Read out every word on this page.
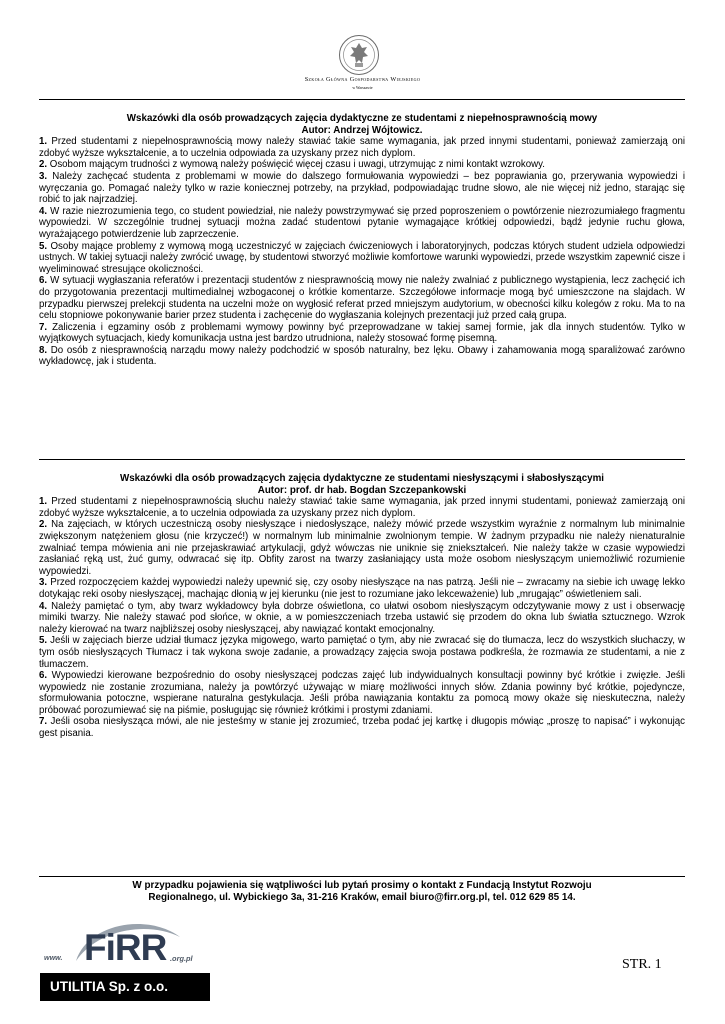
Szkoła Główna Gospodarstwa Wiejskiego
w Warszawie
Wskazówki dla osób prowadzących zajęcia dydaktyczne ze studentami z niepełnosprawnością mowy
Autor: Andrzej Wójtowicz.

1. Przed studentami z niepełnosprawnością mowy należy stawiać takie same wymagania, jak przed innymi studentami, ponieważ zamierzają oni zdobyć wyższe wykształcenie, a to uczelnia odpowiada za uzyskany przez nich dyplom.

2. Osobom mającym trudności z wymową należy poświęcić więcej czasu i uwagi, utrzymując z nimi kontakt wzrokowy.

3. Należy zachęcać studenta z problemami w mowie do dalszego formułowania wypowiedzi – bez poprawiania go, przerywania wypowiedzi i wyręczania go. Pomagać należy tylko w razie koniecznej potrzeby, na przykład, podpowiadając trudne słowo, ale nie więcej niż jedno, starając się robić to jak najrzadziej.

4. W razie niezrozumienia tego, co student powiedział, nie należy powstrzymywać się przed poproszeniem o powtórzenie niezrozumiałego fragmentu wypowiedzi. W szczególnie trudnej sytuacji można zadać studentowi pytanie wymagające krótkiej odpowiedzi, bądź jedynie ruchu głowa, wyrażającego potwierdzenie lub zaprzeczenie.

5. Osoby mające problemy z wymową mogą uczestniczyć w zajęciach ćwiczeniowych i laboratoryjnych, podczas których student udziela odpowiedzi ustnych. W takiej sytuacji należy zwrócić uwagę, by studentowi stworzyć możliwie komfortowe warunki wypowiedzi, przede wszystkim zapewnić cisze i wyeliminować stresujące okoliczności.

6. W sytuacji wygłaszania referatów i prezentacji studentów z niesprawnością mowy nie należy zwalniać z publicznego wystąpienia, lecz zachęcić ich do przygotowania prezentacji multimedialnej wzbogaconej o krótkie komentarze. Szczegółowe informacje mogą być umieszczone na slajdach. W przypadku pierwszej prelekcji studenta na uczelni może on wygłosić referat przed mniejszym audytorium, w obecności kilku kolegów z roku. Ma to na celu stopniowe pokonywanie barier przez studenta i zachęcenie do wygłaszania kolejnych prezentacji już przed całą grupa.

7. Zaliczenia i egzaminy osób z problemami wymowy powinny być przeprowadzane w takiej samej formie, jak dla innych studentów. Tylko w wyjątkowych sytuacjach, kiedy komunikacja ustna jest bardzo utrudniona, należy stosować formę pisemną.

8. Do osób z niesprawnością narządu mowy należy podchodzić w sposób naturalny, bez lęku. Obawy i zahamowania mogą sparaliżować zarówno wykładowcę, jak i studenta.

Wskazówki dla osób prowadzących zajęcia dydaktyczne ze studentami niesłyszącymi i słabosłyszącymi
Autor: prof. dr hab. Bogdan Szczepankowski

1. Przed studentami z niepełnosprawnością słuchu należy stawiać takie same wymagania, jak przed innymi studentami, ponieważ zamierzają oni zdobyć wyższe wykształcenie, a to uczelnia odpowiada za uzyskany przez nich dyplom.

2. Na zajęciach, w których uczestniczą osoby niesłyszące i niedosłyszące, należy mówić przede wszystkim wyraźnie z normalnym lub minimalnie zwiększonym natężeniem głosu (nie krzyczeć!) w normalnym lub minimalnie zwolnionym tempie. W żadnym przypadku nie należy nienaturalnie zwalniać tempa mówienia ani nie przejaskrawiać artykulacji, gdyż wówczas nie uniknie się zniekształceń. Nie należy także w czasie wypowiedzi zasłaniać ręką ust, żuć gumy, odwracać się itp. Obfity zarost na twarzy zasłaniający usta może osobom niesłyszącym uniemożliwić rozumienie wypowiedzi.

3. Przed rozpoczęciem każdej wypowiedzi należy upewnić się, czy osoby niesłyszące na nas patrzą. Jeśli nie – zwracamy na siebie ich uwagę lekko dotykając reki osoby niesłyszącej, machając dłonią w jej kierunku (nie jest to rozumiane jako lekceważenie) lub „mrugając” oświetleniem sali.

4. Należy pamiętać o tym, aby twarz wykładowcy była dobrze oświetlona, co ułatwi osobom niesłyszącym odczytywanie mowy z ust i obserwację mimiki twarzy. Nie należy stawać pod słońce, w oknie, a w pomieszczeniach trzeba ustawić się przodem do okna lub światła sztucznego. Wzrok należy kierować na twarz najbliższej osoby niesłyszącej, aby nawiązać kontakt emocjonalny.

5. Jeśli w zajęciach bierze udział tłumacz języka migowego, warto pamiętać o tym, aby nie zwracać się do tłumacza, lecz do wszystkich słuchaczy, w tym osób niesłyszących Tłumacz i tak wykona swoje zadanie, a prowadzący zajęcia swoja postawa podkreśla, że rozmawia ze studentami, a nie z tłumaczem.

6. Wypowiedzi kierowane bezpośrednio do osoby niesłyszącej podczas zajęć lub indywidualnych konsultacji powinny być krótkie i zwięzłe. Jeśli wypowiedz nie zostanie zrozumiana, należy ja powtórzyć używając w miarę możliwości innych słów. Zdania powinny być krótkie, pojedyncze, sformułowania potoczne, wspierane naturalna gestykulacja. Jeśli próba nawiązania kontaktu za pomocą mowy okaże się nieskuteczna, należy próbować porozumiewać się na piśmie, posługując się również krótkimi i prostymi zdaniami.

7. Jeśli osoba niesłysząca mówi, ale nie jesteśmy w stanie jej zrozumieć, trzeba podać jej kartkę i długopis mówiąc „proszę to napisać” i wykonując gest pisania.

W przypadku pojawienia się wątpliwości lub pytań prosimy o kontakt z Fundacją Instytut Rozwoju
Regionalnego, ul. Wybickiego 3a, 31-216 Kraków, email biuro@firr.org.pl, tel. 012 629 85 14.
www. FiRR .org.pl
UTILITIA Sp. z o.o.
STR. 1
